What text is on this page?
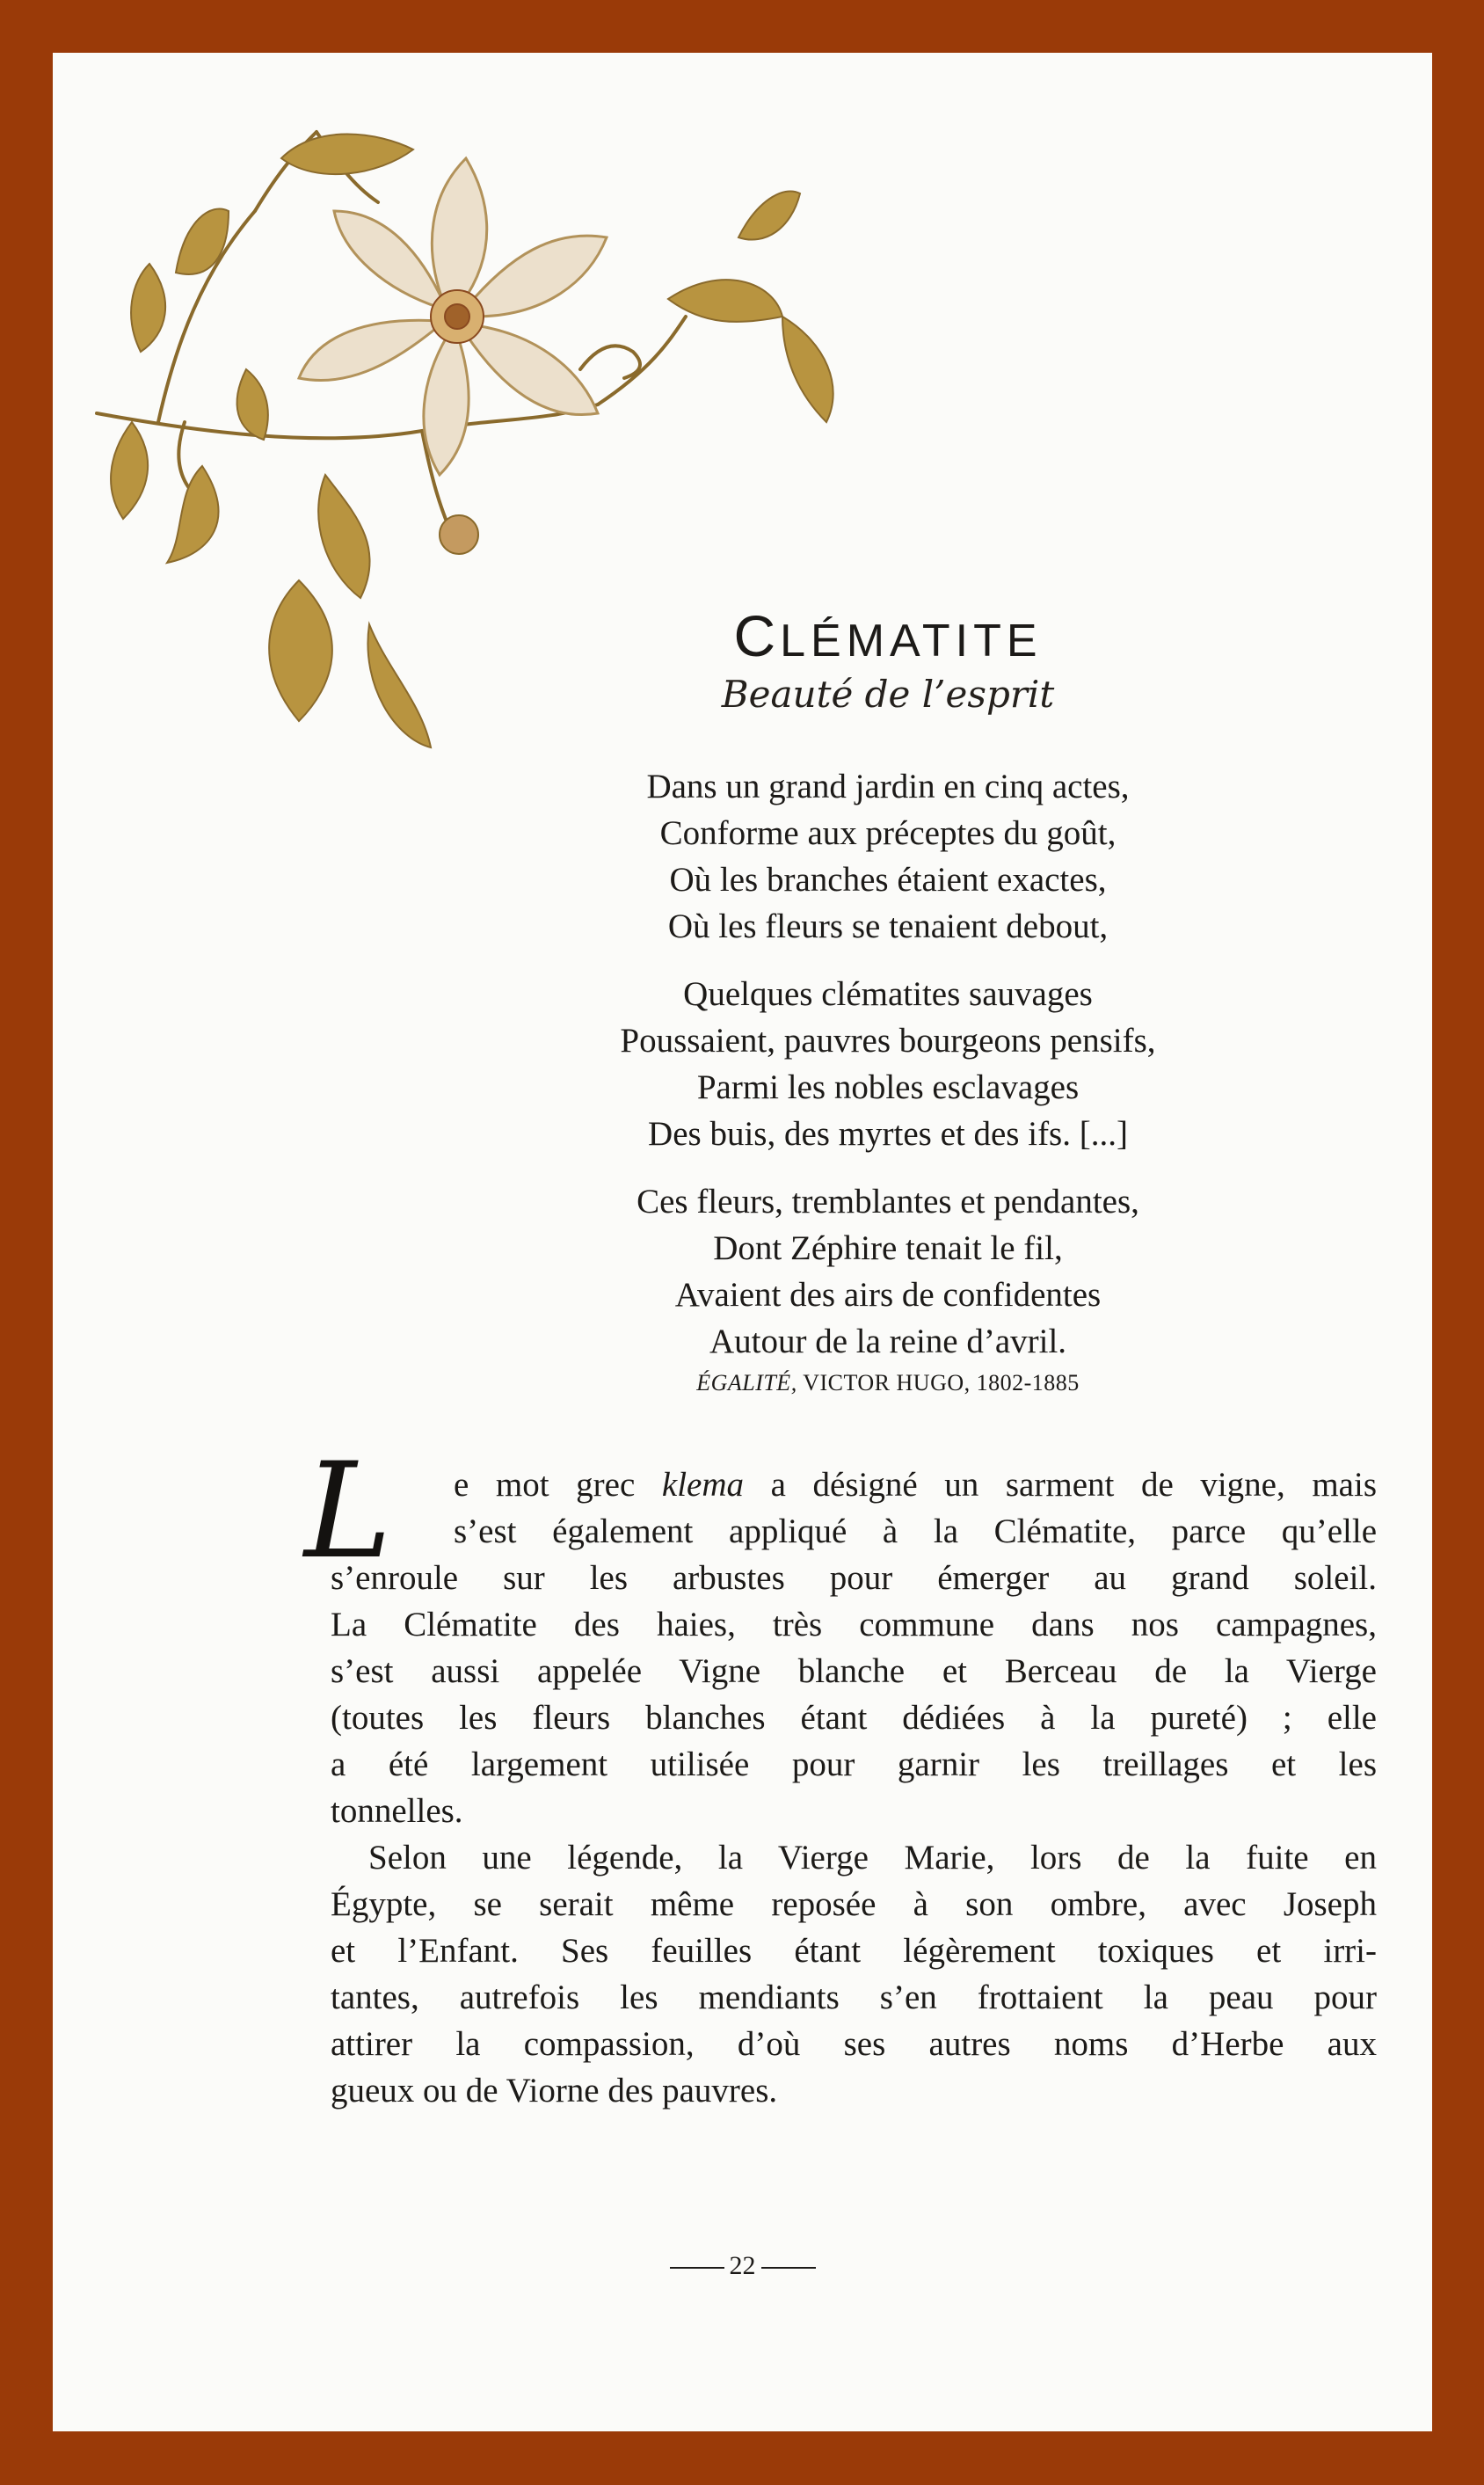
CLÉMATITE
Beauté de l’esprit
Dans un grand jardin en cinq actes,
Conforme aux préceptes du goût,
Où les branches étaient exactes,
Où les fleurs se tenaient debout,
Quelques clématites sauvages
Poussaient, pauvres bourgeons pensifs,
Parmi les nobles esclavages
Des buis, des myrtes et des ifs. [...]
Ces fleurs, tremblantes et pendantes,
Dont Zéphire tenait le fil,
Avaient des airs de confidentes
Autour de la reine d’avril.
ÉGALITÉ, VICTOR HUGO, 1802-1885
L	e mot grec klema a désigné un sarment de vigne, mais
s’est également appliqué à la Clématite, parce qu’elle
s’enroule sur les arbustes pour émerger au grand soleil.
La Clématite des haies, très commune dans nos campagnes,
s’est aussi appelée Vigne blanche et Berceau de la Vierge
(toutes les fleurs blanches étant dédiées à la pureté) ; elle
a été largement utilisée pour garnir les treillages et les
tonnelles.
Selon une légende, la Vierge Marie, lors de la fuite en
Égypte, se serait même reposée à son ombre, avec Joseph
et l’Enfant. Ses feuilles étant légèrement toxiques et irri-
tantes, autrefois les mendiants s’en frottaient la peau pour
attirer la compassion, d’où ses autres noms d’Herbe aux
gueux ou de Viorne des pauvres.
22
